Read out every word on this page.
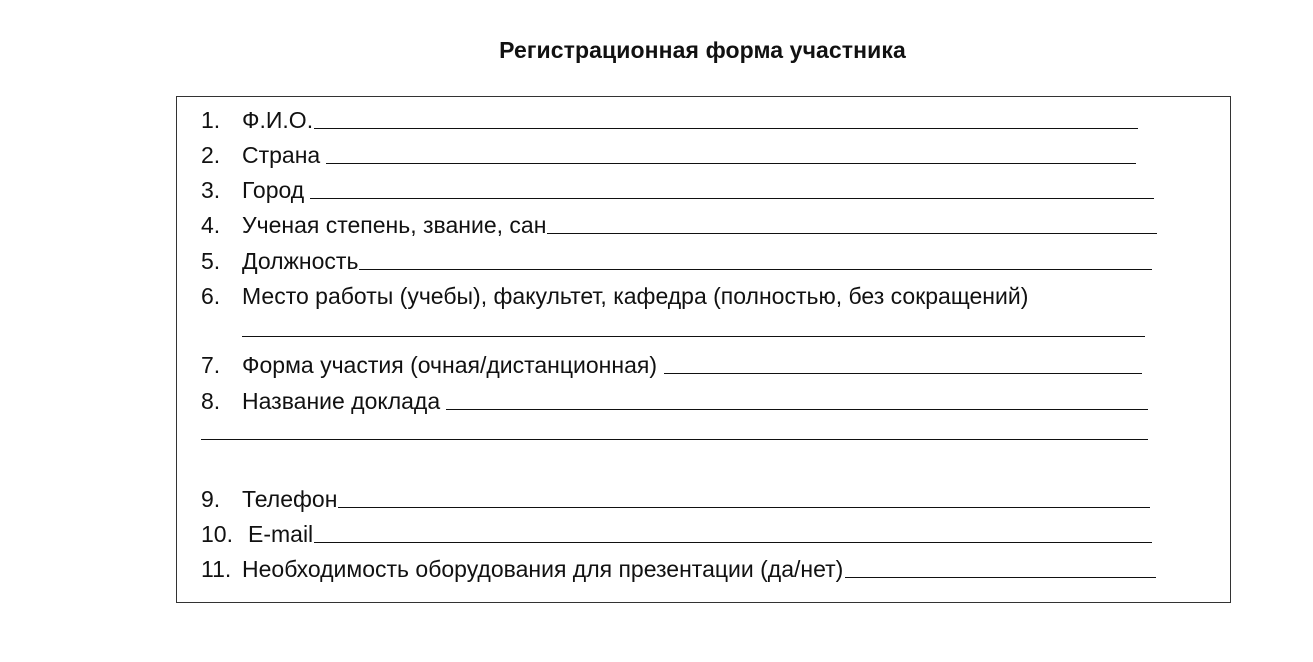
Регистрационная форма участника
1. Ф.И.О.
2. Страна
3. Город
4. Ученая степень, звание, сан
5. Должность
6. Место работы (учебы), факультет, кафедра (полностью, без сокращений)
7. Форма участия (очная/дистанционная)
8. Название доклада
9. Телефон
10. E-mail
11. Необходимость оборудования для презентации (да/нет)
